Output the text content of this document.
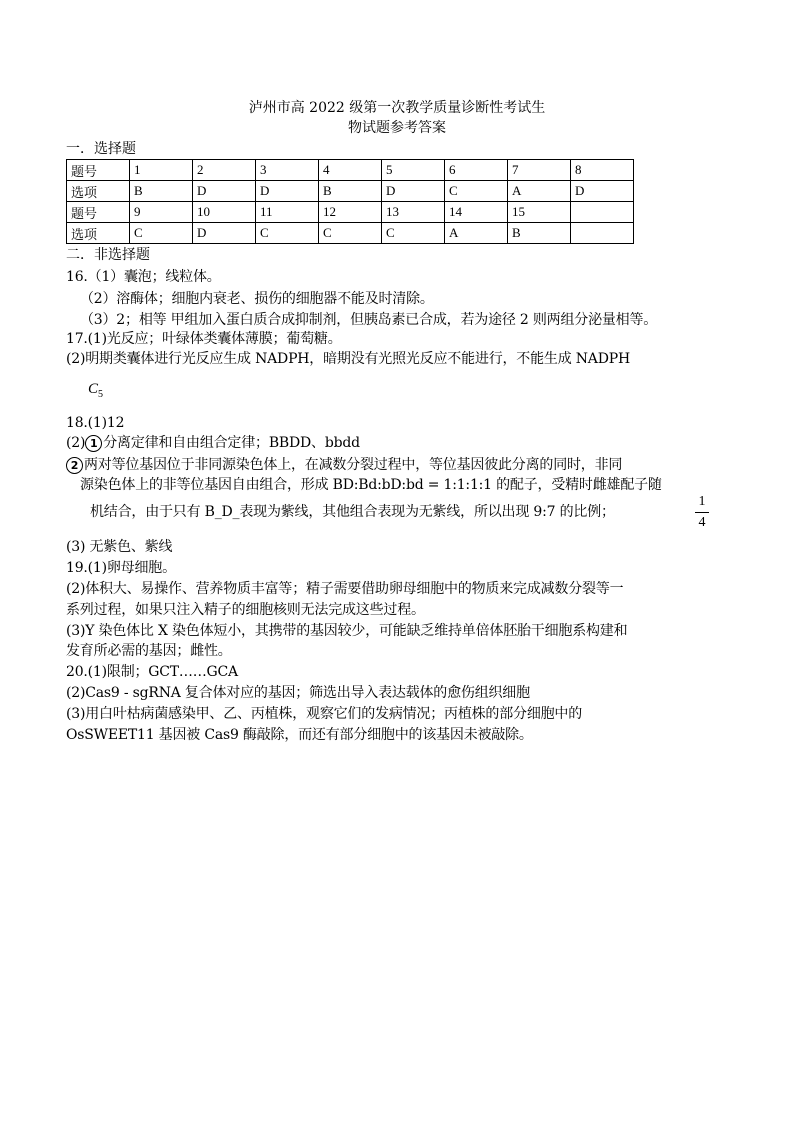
泸州市高 2022 级第一次教学质量诊断性考试生
物试题参考答案
一．选择题
题号	1	2	3	4	5	6	7	8
选项	B	D	D	B	D	C	A	D
题号	9	10	11	12	13	14	15	
选项	C	D	C	C	C	A	B	
二．非选择题
16.（1）囊泡；线粒体。
（2）溶酶体；细胞内衰老、损伤的细胞器不能及时清除。
（3）2；相等 甲组加入蛋白质合成抑制剂，但胰岛素已合成，若为途径 2 则两组分泌量相等。
17.(1)光反应；叶绿体类囊体薄膜；葡萄糖。
(2)明期类囊体进行光反应生成 NADPH，暗期没有光照光反应不能进行，不能生成 NADPH
$C_5$
18.(1)12
(2) 1 分离定律和自由组合定律；BBDD、bbdd
2 两对等位基因位于非同源染色体上，在减数分裂过程中，等位基因彼此分离的同时，非同
源染色体上的非等位基因自由组合，形成 BD:Bd:bD:bd = 1:1:1:1 的配子，受精时雌雄配子随
机结合，由于只有 B_D_表现为紫线，其他组合表现为无紫线，所以出现 9:7 的比例；
1
4
(3) 无紫色、紫线
19.(1)卵母细胞。
(2)体积大、易操作、营养物质丰富等；精子需要借助卵母细胞中的物质来完成减数分裂等一
系列过程，如果只注入精子的细胞核则无法完成这些过程。
(3)Y 染色体比 X 染色体短小，其携带的基因较少，可能缺乏维持单倍体胚胎干细胞系构建和
发育所必需的基因；雌性。
20.(1)限制；GCT……GCA
(2)Cas9 - sgRNA 复合体对应的基因；筛选出导入表达载体的愈伤组织细胞
(3)用白叶枯病菌感染甲、乙、丙植株，观察它们的发病情况；丙植株的部分细胞中的
OsSWEET11 基因被 Cas9 酶敲除，而还有部分细胞中的该基因未被敲除。
